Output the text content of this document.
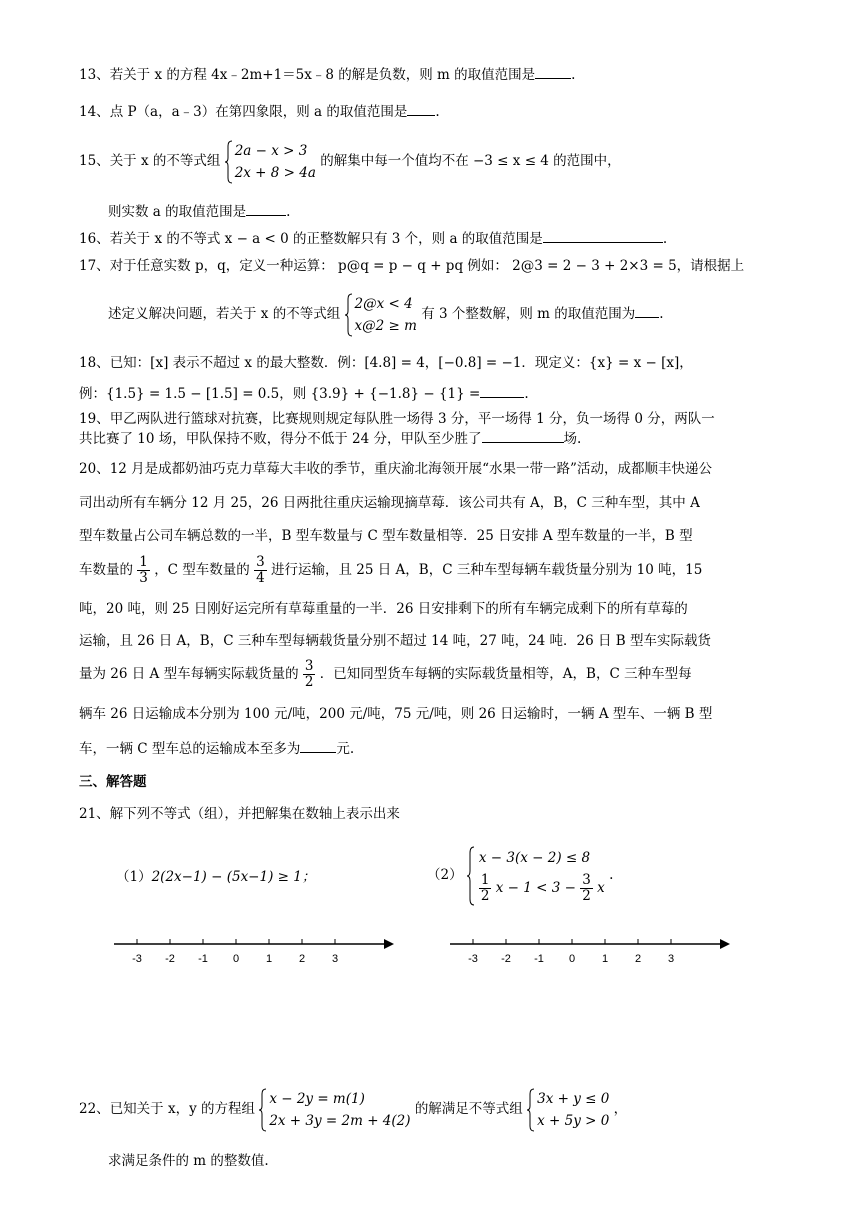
13、若关于 x 的方程 4x﹣2m+1＝5x﹣8 的解是负数，则 m 的取值范围是	.
14、点 P（a，a﹣3）在第四象限，则 a 的取值范围是 .
15、关于 x 的不等式组
2a − x > 3
2x + 8 > 4a
的解集中每一个值均不在 −3 ≤ x ≤ 4 的范围中，
则实数 a 的取值范围是	.
16、若关于 x 的不等式 x − a < 0 的正整数解只有 3 个，则 a 的取值范围是	.
17、对于任意实数 p，q，定义一种运算： p@q = p − q + pq 例如： 2@3 = 2 − 3 + 2×3 = 5，请根据上
述定义解决问题，若关于 x 的不等式组
2@x < 4
x@2 ≥ m
有 3 个整数解，则 m 的取值范围为 .
18、已知：[x] 表示不超过 x 的最大整数．例：[4.8] = 4，[−0.8] = −1．现定义：{x} = x − [x]，
例：{1.5} = 1.5 − [1.5] = 0.5，则 {3.9} + {−1.8} − {1} =	.
19、甲乙两队进行篮球对抗赛，比赛规则规定每队胜一场得 3 分，平一场得 1 分，负一场得 0 分，两队一
共比赛了 10 场，甲队保持不败，得分不低于 24 分，甲队至少胜了	场.
20、12 月是成都奶油巧克力草莓大丰收的季节，重庆渝北海领开展“水果一带一路”活动，成都顺丰快递公
司出动所有车辆分 12 月 25，26 日两批往重庆运输现摘草莓．该公司共有 A，B，C 三种车型，其中 A
型车数量占公司车辆总数的一半，B 型车数量与 C 型车数量相等．25 日安排 A 型车数量的一半，B 型
车数量的 $\frac{1}{3}$ ，C 型车数量的 $\frac{3}{4}$ 进行运输，且 25 日 A，B，C 三种车型每辆车载货量分别为 10 吨，15
吨，20 吨，则 25 日刚好运完所有草莓重量的一半．26 日安排剩下的所有车辆完成剩下的所有草莓的
运输，且 26 日 A，B，C 三种车型每辆载货量分别不超过 14 吨，27 吨，24 吨．26 日 B 型车实际载货
量为 26 日 A 型车每辆实际载货量的 $\frac{3}{2}$ ．已知同型货车每辆的实际载货量相等，A，B，C 三种车型每
辆车 26 日运输成本分别为 100 元/吨，200 元/吨，75 元/吨，则 26 日运输时，一辆 A 型车、一辆 B 型
车，一辆 C 型车总的运输成本至多为	元.
三、解答题
21、解下列不等式（组），并把解集在数轴上表示出来
（1）2(2x−1) − (5x−1) ≥ 1；	（2）
x − 3(x − 2) ≤ 8
$\frac{1}{2}$ $x - 1 < 3 - \frac{3}{2}$ x
.
-3 -2 -1 0 1 2 3	-3 -2 -1 0 1 2 3
22、已知关于 x，y 的方程组
x − 2y = m(1)
2x + 3y = 2m + 4(2)
的解满足不等式组
3x + y ≤ 0
x + 5y > 0
，
求满足条件的 m 的整数值.
